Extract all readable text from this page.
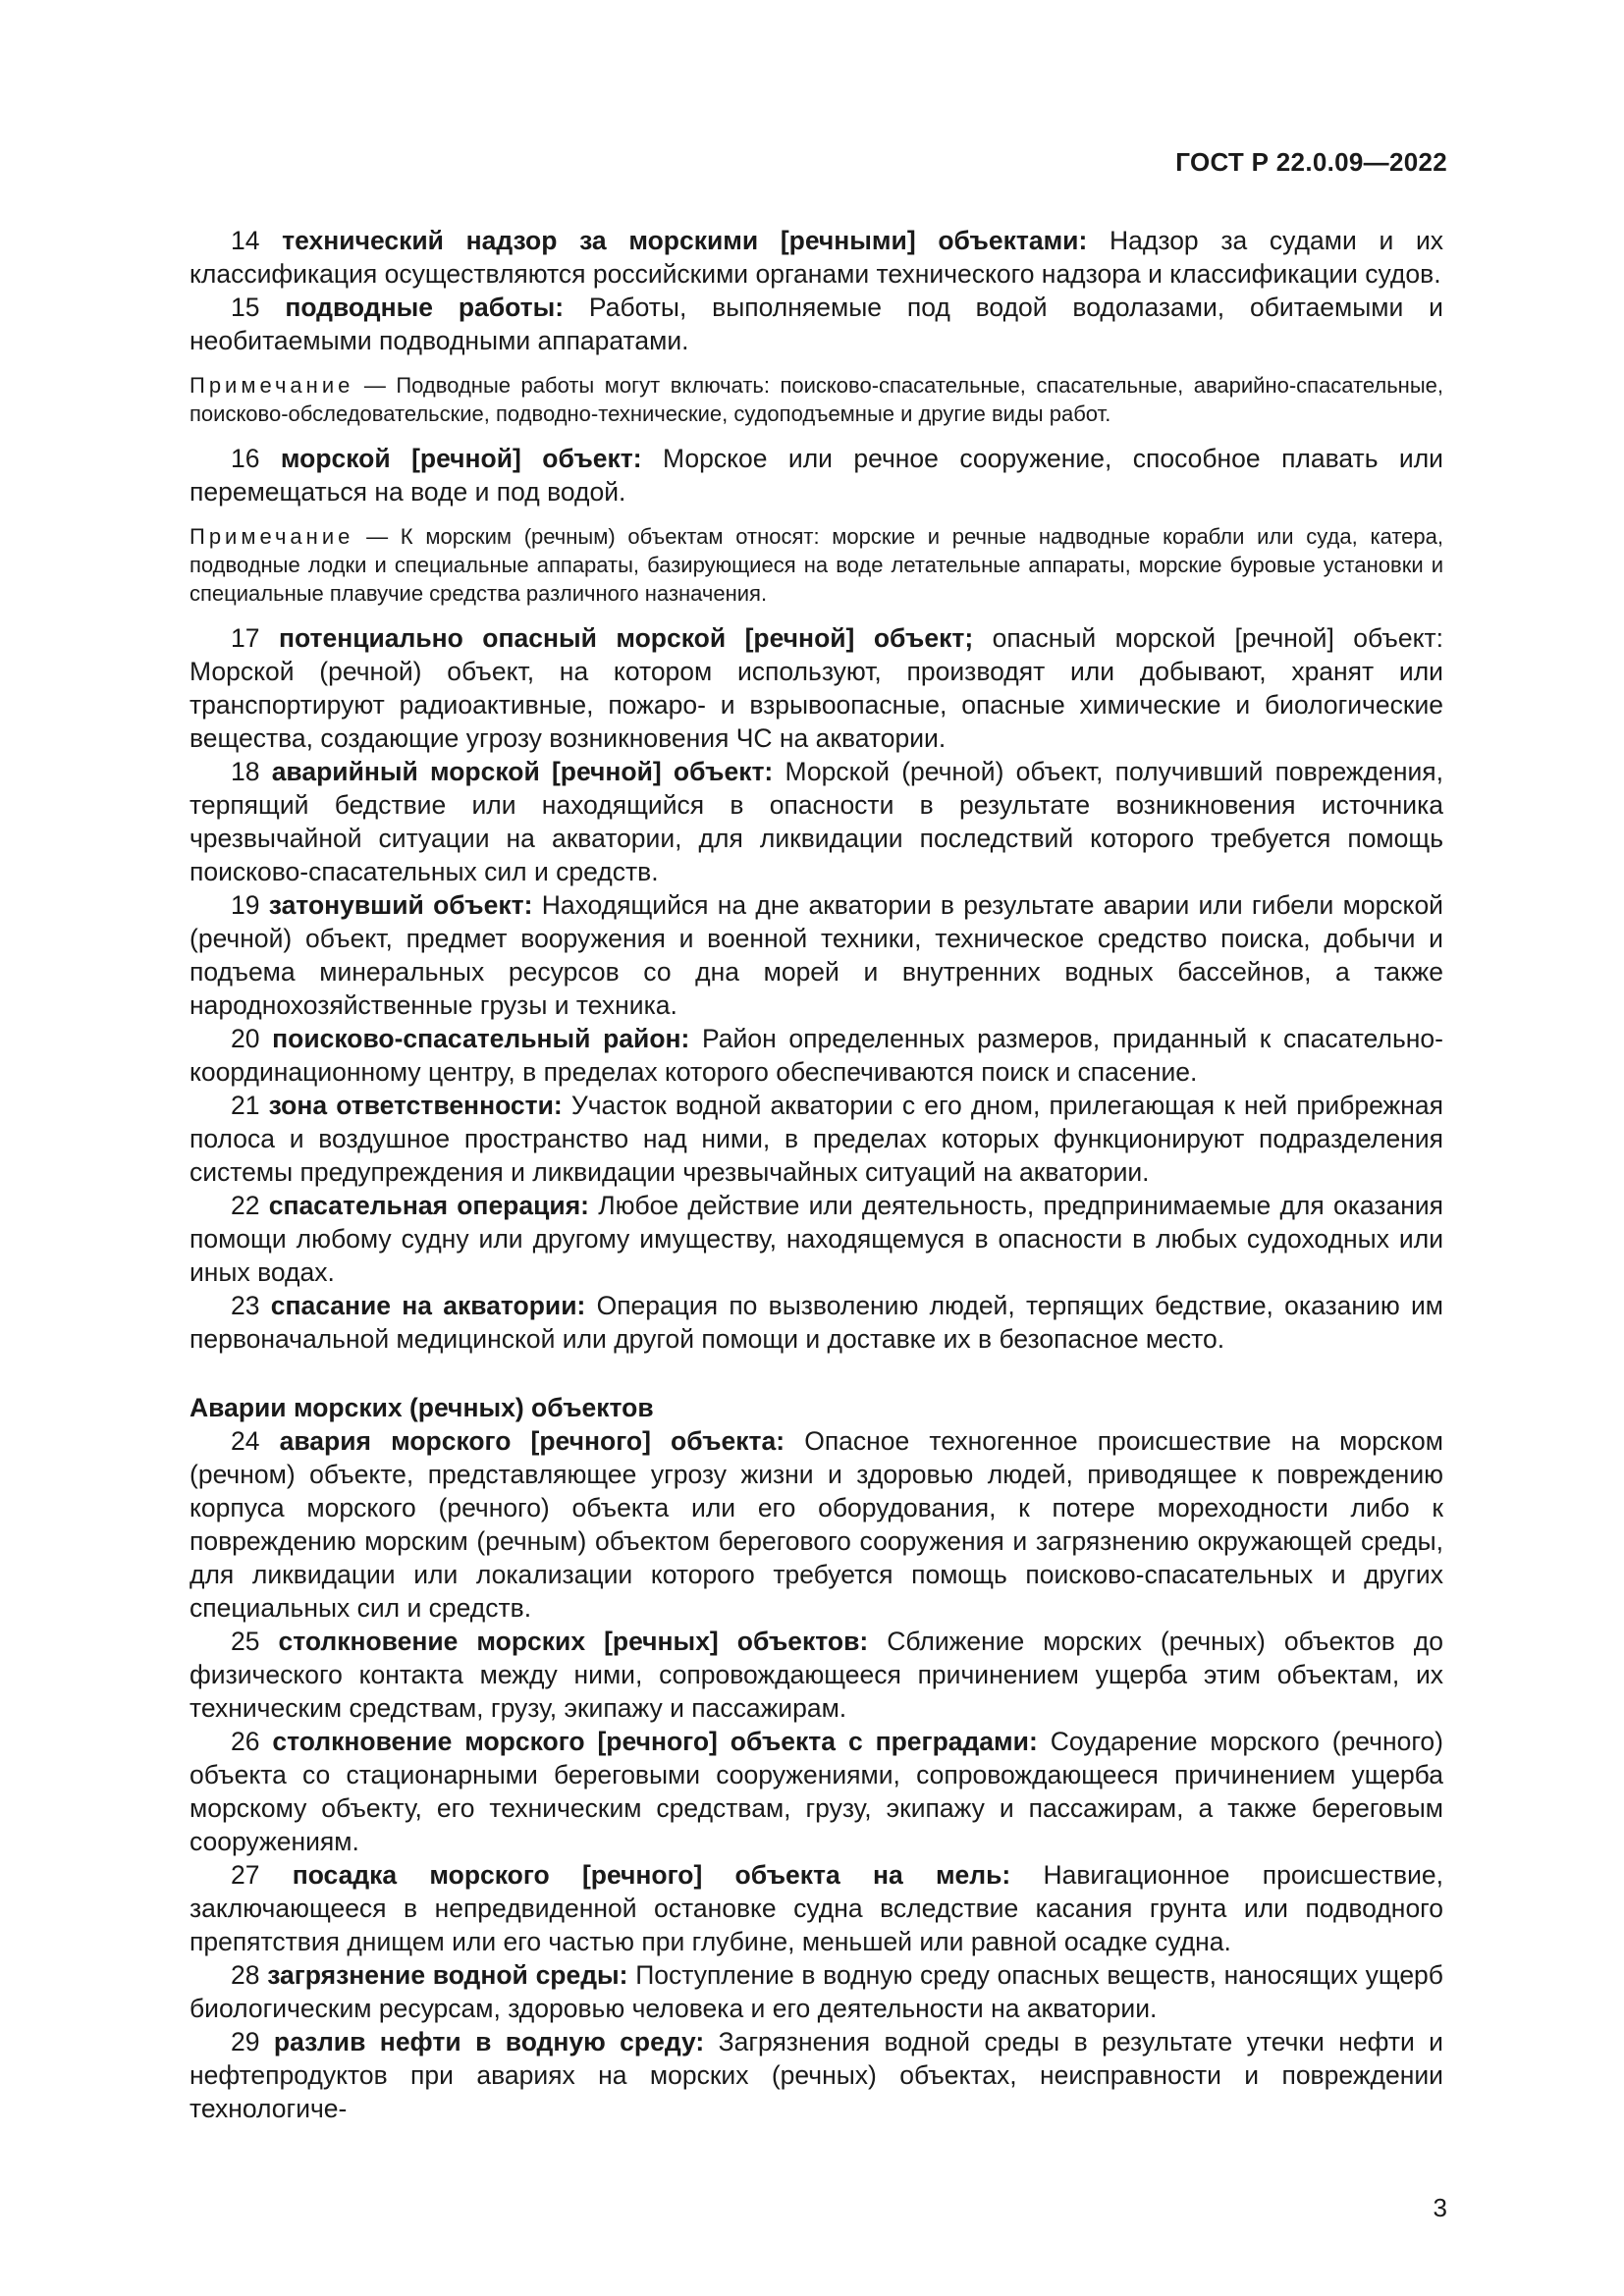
ГОСТ Р 22.0.09—2022

14 технический надзор за морскими [речными] объектами: Надзор за судами и их классификация осуществляются российскими органами технического надзора и классификации судов.

15 подводные работы: Работы, выполняемые под водой водолазами, обитаемыми и необитаемыми подводными аппаратами.

Примечание — Подводные работы могут включать: поисково-спасательные, спасательные, аварийно-спасательные, поисково-обследовательские, подводно-технические, судоподъемные и другие виды работ.

16 морской [речной] объект: Морское или речное сооружение, способное плавать или перемещаться на воде и под водой.

Примечание — К морским (речным) объектам относят: морские и речные надводные корабли или суда, катера, подводные лодки и специальные аппараты, базирующиеся на воде летательные аппараты, морские буровые установки и специальные плавучие средства различного назначения.

17 потенциально опасный морской [речной] объект; опасный морской [речной] объект: Морской (речной) объект, на котором используют, производят или добывают, хранят или транспортируют радиоактивные, пожаро- и взрывоопасные, опасные химические и биологические вещества, создающие угрозу возникновения ЧС на акватории.

18 аварийный морской [речной] объект: Морской (речной) объект, получивший повреждения, терпящий бедствие или находящийся в опасности в результате возникновения источника чрезвычайной ситуации на акватории, для ликвидации последствий которого требуется помощь поисково-спасательных сил и средств.

19 затонувший объект: Находящийся на дне акватории в результате аварии или гибели морской (речной) объект, предмет вооружения и военной техники, техническое средство поиска, добычи и подъема минеральных ресурсов со дна морей и внутренних водных бассейнов, а также народнохозяйственные грузы и техника.

20 поисково-спасательный район: Район определенных размеров, приданный к спасательно-координационному центру, в пределах которого обеспечиваются поиск и спасение.

21 зона ответственности: Участок водной акватории с его дном, прилегающая к ней прибрежная полоса и воздушное пространство над ними, в пределах которых функционируют подразделения системы предупреждения и ликвидации чрезвычайных ситуаций на акватории.

22 спасательная операция: Любое действие или деятельность, предпринимаемые для оказания помощи любому судну или другому имуществу, находящемуся в опасности в любых судоходных или иных водах.

23 спасание на акватории: Операция по вызволению людей, терпящих бедствие, оказанию им первоначальной медицинской или другой помощи и доставке их в безопасное место.

Аварии морских (речных) объектов

24 авария морского [речного] объекта: Опасное техногенное происшествие на морском (речном) объекте, представляющее угрозу жизни и здоровью людей, приводящее к повреждению корпуса морского (речного) объекта или его оборудования, к потере мореходности либо к повреждению морским (речным) объектом берегового сооружения и загрязнению окружающей среды, для ликвидации или локализации которого требуется помощь поисково-спасательных и других специальных сил и средств.

25 столкновение морских [речных] объектов: Сближение морских (речных) объектов до физического контакта между ними, сопровождающееся причинением ущерба этим объектам, их техническим средствам, грузу, экипажу и пассажирам.

26 столкновение морского [речного] объекта с преградами: Соударение морского (речного) объекта со стационарными береговыми сооружениями, сопровождающееся причинением ущерба морскому объекту, его техническим средствам, грузу, экипажу и пассажирам, а также береговым сооружениям.

27 посадка морского [речного] объекта на мель: Навигационное происшествие, заключающееся в непредвиденной остановке судна вследствие касания грунта или подводного препятствия днищем или его частью при глубине, меньшей или равной осадке судна.

28 загрязнение водной среды: Поступление в водную среду опасных веществ, наносящих ущерб биологическим ресурсам, здоровью человека и его деятельности на акватории.

29 разлив нефти в водную среду: Загрязнения водной среды в результате утечки нефти и нефтепродуктов при авариях на морских (речных) объектах, неисправности и повреждении технологиче-

3
